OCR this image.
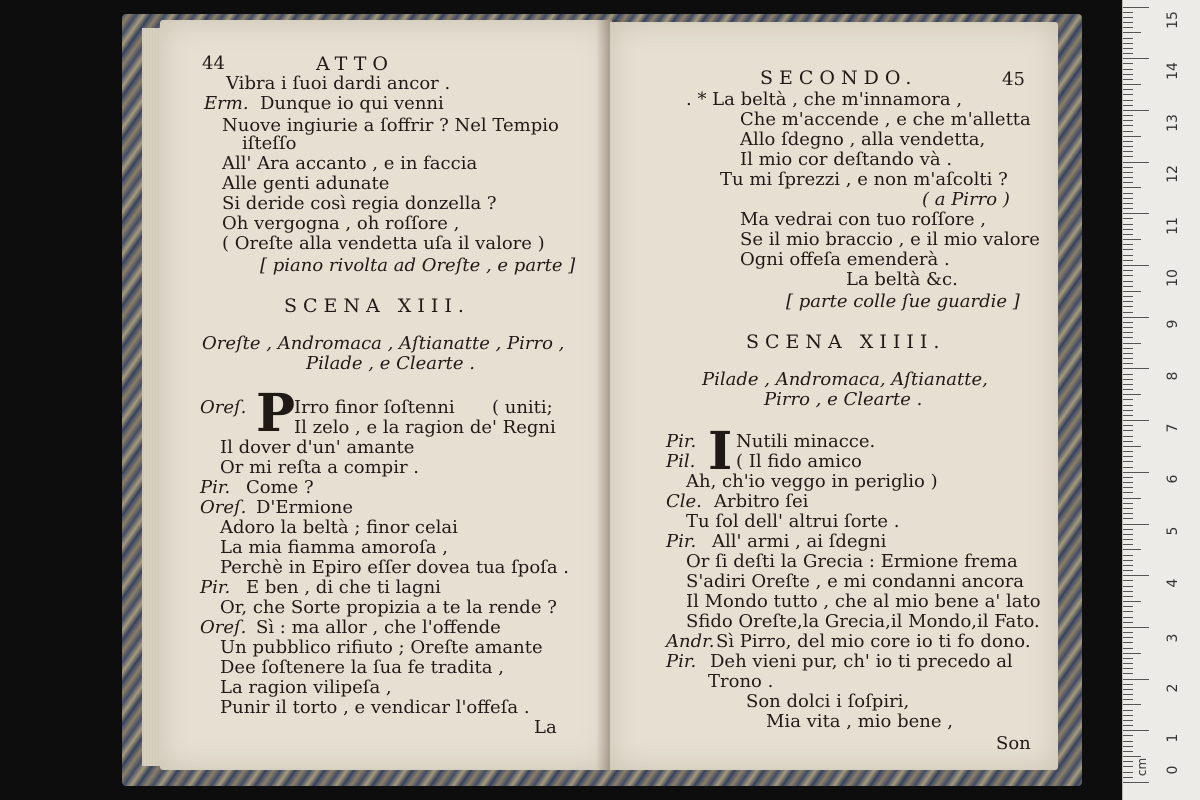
44	ATTO
Vibra i ſuoi dardi ancor .
Erm. Dunque io qui venni
Nuove ingiurie a ſoffrir ? Nel Tempio
iſteſſo
All' Ara accanto , e in faccia
Alle genti adunate
Si deride così regia donzella ?
Oh vergogna , oh roſſore ,
( Oreſte alla vendetta uſa il valore )
[ piano rivolta ad Oreſte , e parte ]
SCENA XIII.
Oreſte , Andromaca , Aſtianatte , Pirro ,
Pilade , e Clearte .
Oreſ. P
Irro finor ſoſtenni ( uniti;
Il zelo , e la ragion de' Regni
Il dover d'un' amante
Or mi reſta a compir .
Pir. Come ?
Oreſ. D'Ermione
Adoro la beltà ; finor celai
La mia fiamma amoroſa ,
Perchè in Epiro eſſer dovea tua ſpoſa .
Pir. E ben , di che ti lagni
Or, che Sorte propizia a te la rende ?
Oreſ. Sì : ma allor , che l'offende
Un pubblico rifiuto ; Oreſte amante
Dee ſoſtenere la ſua fe tradita ,
La ragion vilipeſa ,
Punir il torto , e vendicar l'offeſa .
La
SECONDO.	45
. * La beltà , che m'innamora ,
Che m'accende , e che m'alletta
Allo ſdegno , alla vendetta,
Il mio cor deſtando và .
Tu mi ſprezzi , e non m'aſcolti ?
( a Pirro )
Ma vedrai con tuo roſſore ,
Se il mio braccio , e il mio valore
Ogni offeſa emenderà .
La beltà &c.
[ parte colle ſue guardie ]
SCENA XIIII.
Pilade , Andromaca, Aſtianatte,
Pirro , e Clearte .
Pir. I Nutili minacce.
Pil. ( Il fido amico
Ah, ch'io veggo in periglio )
Cle. Arbitro ſei
Tu ſol dell' altrui ſorte .
Pir. All' armi , ai ſdegni
Or ſi deſti la Grecia : Ermione frema
S'adiri Oreſte , e mi condanni ancora
Il Mondo tutto , che al mio bene a' lato
Sfido Oreſte,la Grecia,il Mondo,il Fato.
Andr. Sì Pirro, del mio core io ti fo dono.
Pir. Deh vieni pur, ch' io ti precedo al
Trono .
Son dolci i ſoſpiri,
Mia vita , mio bene ,
Son
0
1
2
3
4
5
6
7
8
9
10
11
12
13
14
15
cm
